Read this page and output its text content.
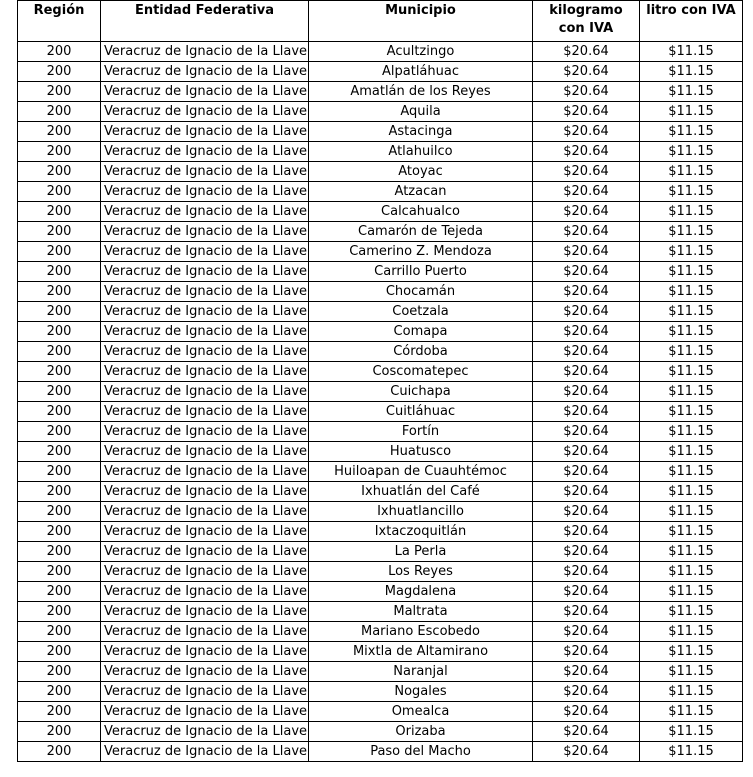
Región	Entidad Federativa	Municipio	kilogramo con IVA	litro con IVA
200	Veracruz de Ignacio de la Llave	Acultzingo	$20.64	$11.15
200	Veracruz de Ignacio de la Llave	Alpatláhuac	$20.64	$11.15
200	Veracruz de Ignacio de la Llave	Amatlán de los Reyes	$20.64	$11.15
200	Veracruz de Ignacio de la Llave	Aquila	$20.64	$11.15
200	Veracruz de Ignacio de la Llave	Astacinga	$20.64	$11.15
200	Veracruz de Ignacio de la Llave	Atlahuilco	$20.64	$11.15
200	Veracruz de Ignacio de la Llave	Atoyac	$20.64	$11.15
200	Veracruz de Ignacio de la Llave	Atzacan	$20.64	$11.15
200	Veracruz de Ignacio de la Llave	Calcahualco	$20.64	$11.15
200	Veracruz de Ignacio de la Llave	Camarón de Tejeda	$20.64	$11.15
200	Veracruz de Ignacio de la Llave	Camerino Z. Mendoza	$20.64	$11.15
200	Veracruz de Ignacio de la Llave	Carrillo Puerto	$20.64	$11.15
200	Veracruz de Ignacio de la Llave	Chocamán	$20.64	$11.15
200	Veracruz de Ignacio de la Llave	Coetzala	$20.64	$11.15
200	Veracruz de Ignacio de la Llave	Comapa	$20.64	$11.15
200	Veracruz de Ignacio de la Llave	Córdoba	$20.64	$11.15
200	Veracruz de Ignacio de la Llave	Coscomatepec	$20.64	$11.15
200	Veracruz de Ignacio de la Llave	Cuichapa	$20.64	$11.15
200	Veracruz de Ignacio de la Llave	Cuitláhuac	$20.64	$11.15
200	Veracruz de Ignacio de la Llave	Fortín	$20.64	$11.15
200	Veracruz de Ignacio de la Llave	Huatusco	$20.64	$11.15
200	Veracruz de Ignacio de la Llave	Huiloapan de Cuauhtémoc	$20.64	$11.15
200	Veracruz de Ignacio de la Llave	Ixhuatlán del Café	$20.64	$11.15
200	Veracruz de Ignacio de la Llave	Ixhuatlancillo	$20.64	$11.15
200	Veracruz de Ignacio de la Llave	Ixtaczoquitlán	$20.64	$11.15
200	Veracruz de Ignacio de la Llave	La Perla	$20.64	$11.15
200	Veracruz de Ignacio de la Llave	Los Reyes	$20.64	$11.15
200	Veracruz de Ignacio de la Llave	Magdalena	$20.64	$11.15
200	Veracruz de Ignacio de la Llave	Maltrata	$20.64	$11.15
200	Veracruz de Ignacio de la Llave	Mariano Escobedo	$20.64	$11.15
200	Veracruz de Ignacio de la Llave	Mixtla de Altamirano	$20.64	$11.15
200	Veracruz de Ignacio de la Llave	Naranjal	$20.64	$11.15
200	Veracruz de Ignacio de la Llave	Nogales	$20.64	$11.15
200	Veracruz de Ignacio de la Llave	Omealca	$20.64	$11.15
200	Veracruz de Ignacio de la Llave	Orizaba	$20.64	$11.15
200	Veracruz de Ignacio de la Llave	Paso del Macho	$20.64	$11.15
